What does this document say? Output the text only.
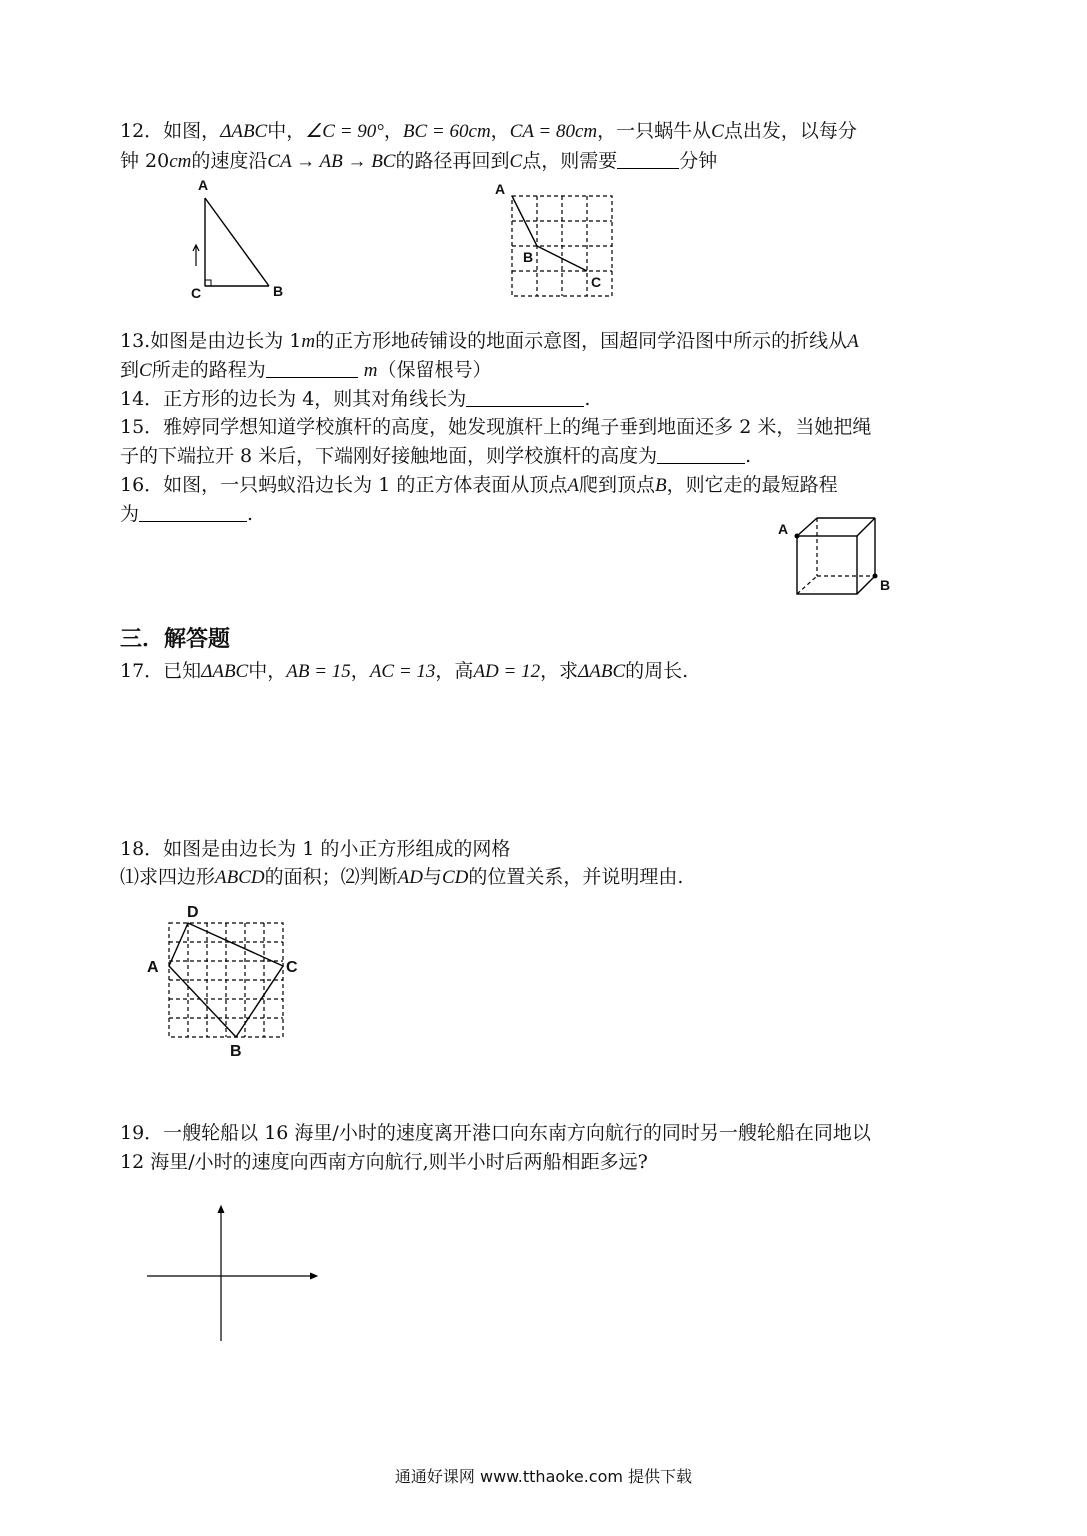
12．如图，ΔABC中，∠C = 90°，BC = 60cm，CA = 80cm，一只蜗牛从C点出发，以每分
钟 20cm的速度沿CA → AB → BC的路径再回到C点，则需要	分钟
A
C	B
A
B
C
13.如图是由边长为 1m的正方形地砖铺设的地面示意图，国超同学沿图中所示的折线从A
到C所走的路程为	m（保留根号）
14．正方形的边长为 4，则其对角线长为	.
15．雅婷同学想知道学校旗杆的高度，她发现旗杆上的绳子垂到地面还多 2 米，当她把绳
子的下端拉开 8 米后，下端刚好接触地面，则学校旗杆的高度为	.
16．如图，一只蚂蚁沿边长为 1 的正方体表面从顶点A爬到顶点B，则它走的最短路程
为	.
A
B
三．解答题
17．已知ΔABC中，AB = 15，AC = 13，高AD = 12，求ΔABC的周长.
18．如图是由边长为 1 的小正方形组成的网格
⑴求四边形ABCD的面积；⑵判断AD与CD的位置关系，并说明理由.
D
A	C
B
19．一艘轮船以 16 海里/小时的速度离开港口向东南方向航行的同时另一艘轮船在同地以
12 海里/小时的速度向西南方向航行,则半小时后两船相距多远?
通通好课网 www.tthaoke.com 提供下载
